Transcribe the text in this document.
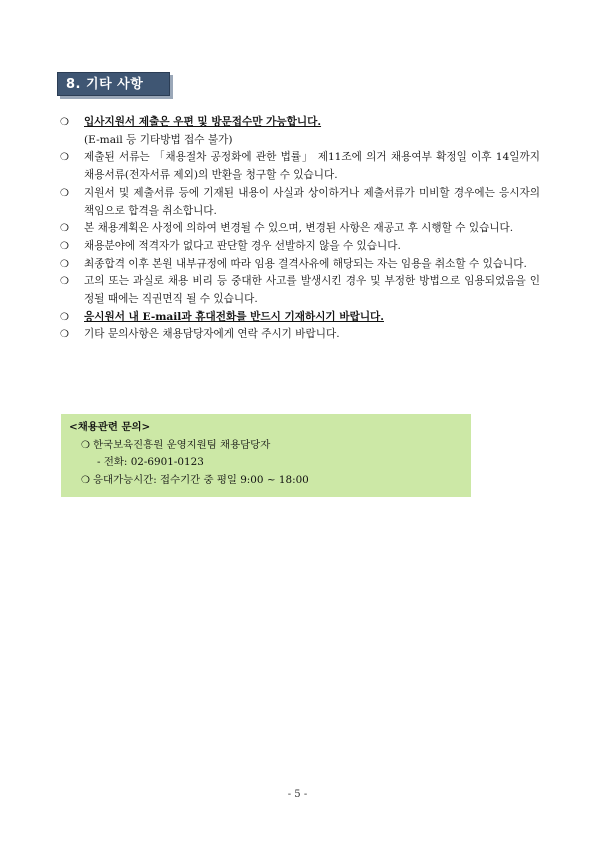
8. 기타 사항
❍ 입사지원서 제출은 우편 및 방문접수만 가능합니다.
(E-mail 등 기타방법 접수 불가)
❍ 제출된 서류는 「채용절차 공정화에 관한 법률」 제11조에 의거 채용여부 확정일 이후 14일까지 채용서류(전자서류 제외)의 반환을 청구할 수 있습니다.
❍ 지원서 및 제출서류 등에 기재된 내용이 사실과 상이하거나 제출서류가 미비할 경우에는 응시자의 책임으로 합격을 취소합니다.
❍ 본 채용계획은 사정에 의하여 변경될 수 있으며, 변경된 사항은 재공고 후 시행할 수 있습니다.
❍ 채용분야에 적격자가 없다고 판단할 경우 선발하지 않을 수 있습니다.
❍ 최종합격 이후 본원 내부규정에 따라 임용 결격사유에 해당되는 자는 임용을 취소할 수 있습니다.
❍ 고의 또는 과실로 채용 비리 등 중대한 사고를 발생시킨 경우 및 부정한 방법으로 임용되었음을 인정될 때에는 직권면직 될 수 있습니다.
❍ 응시원서 내 E-mail과 휴대전화를 반드시 기재하시기 바랍니다.
❍ 기타 문의사항은 채용담당자에게 연락 주시기 바랍니다.
<채용관련 문의>
❍ 한국보육진흥원 운영지원팀 채용담당자
- 전화: 02-6901-0123
❍ 응대가능시간: 접수기간 중 평일 9:00 ~ 18:00
- 5 -
